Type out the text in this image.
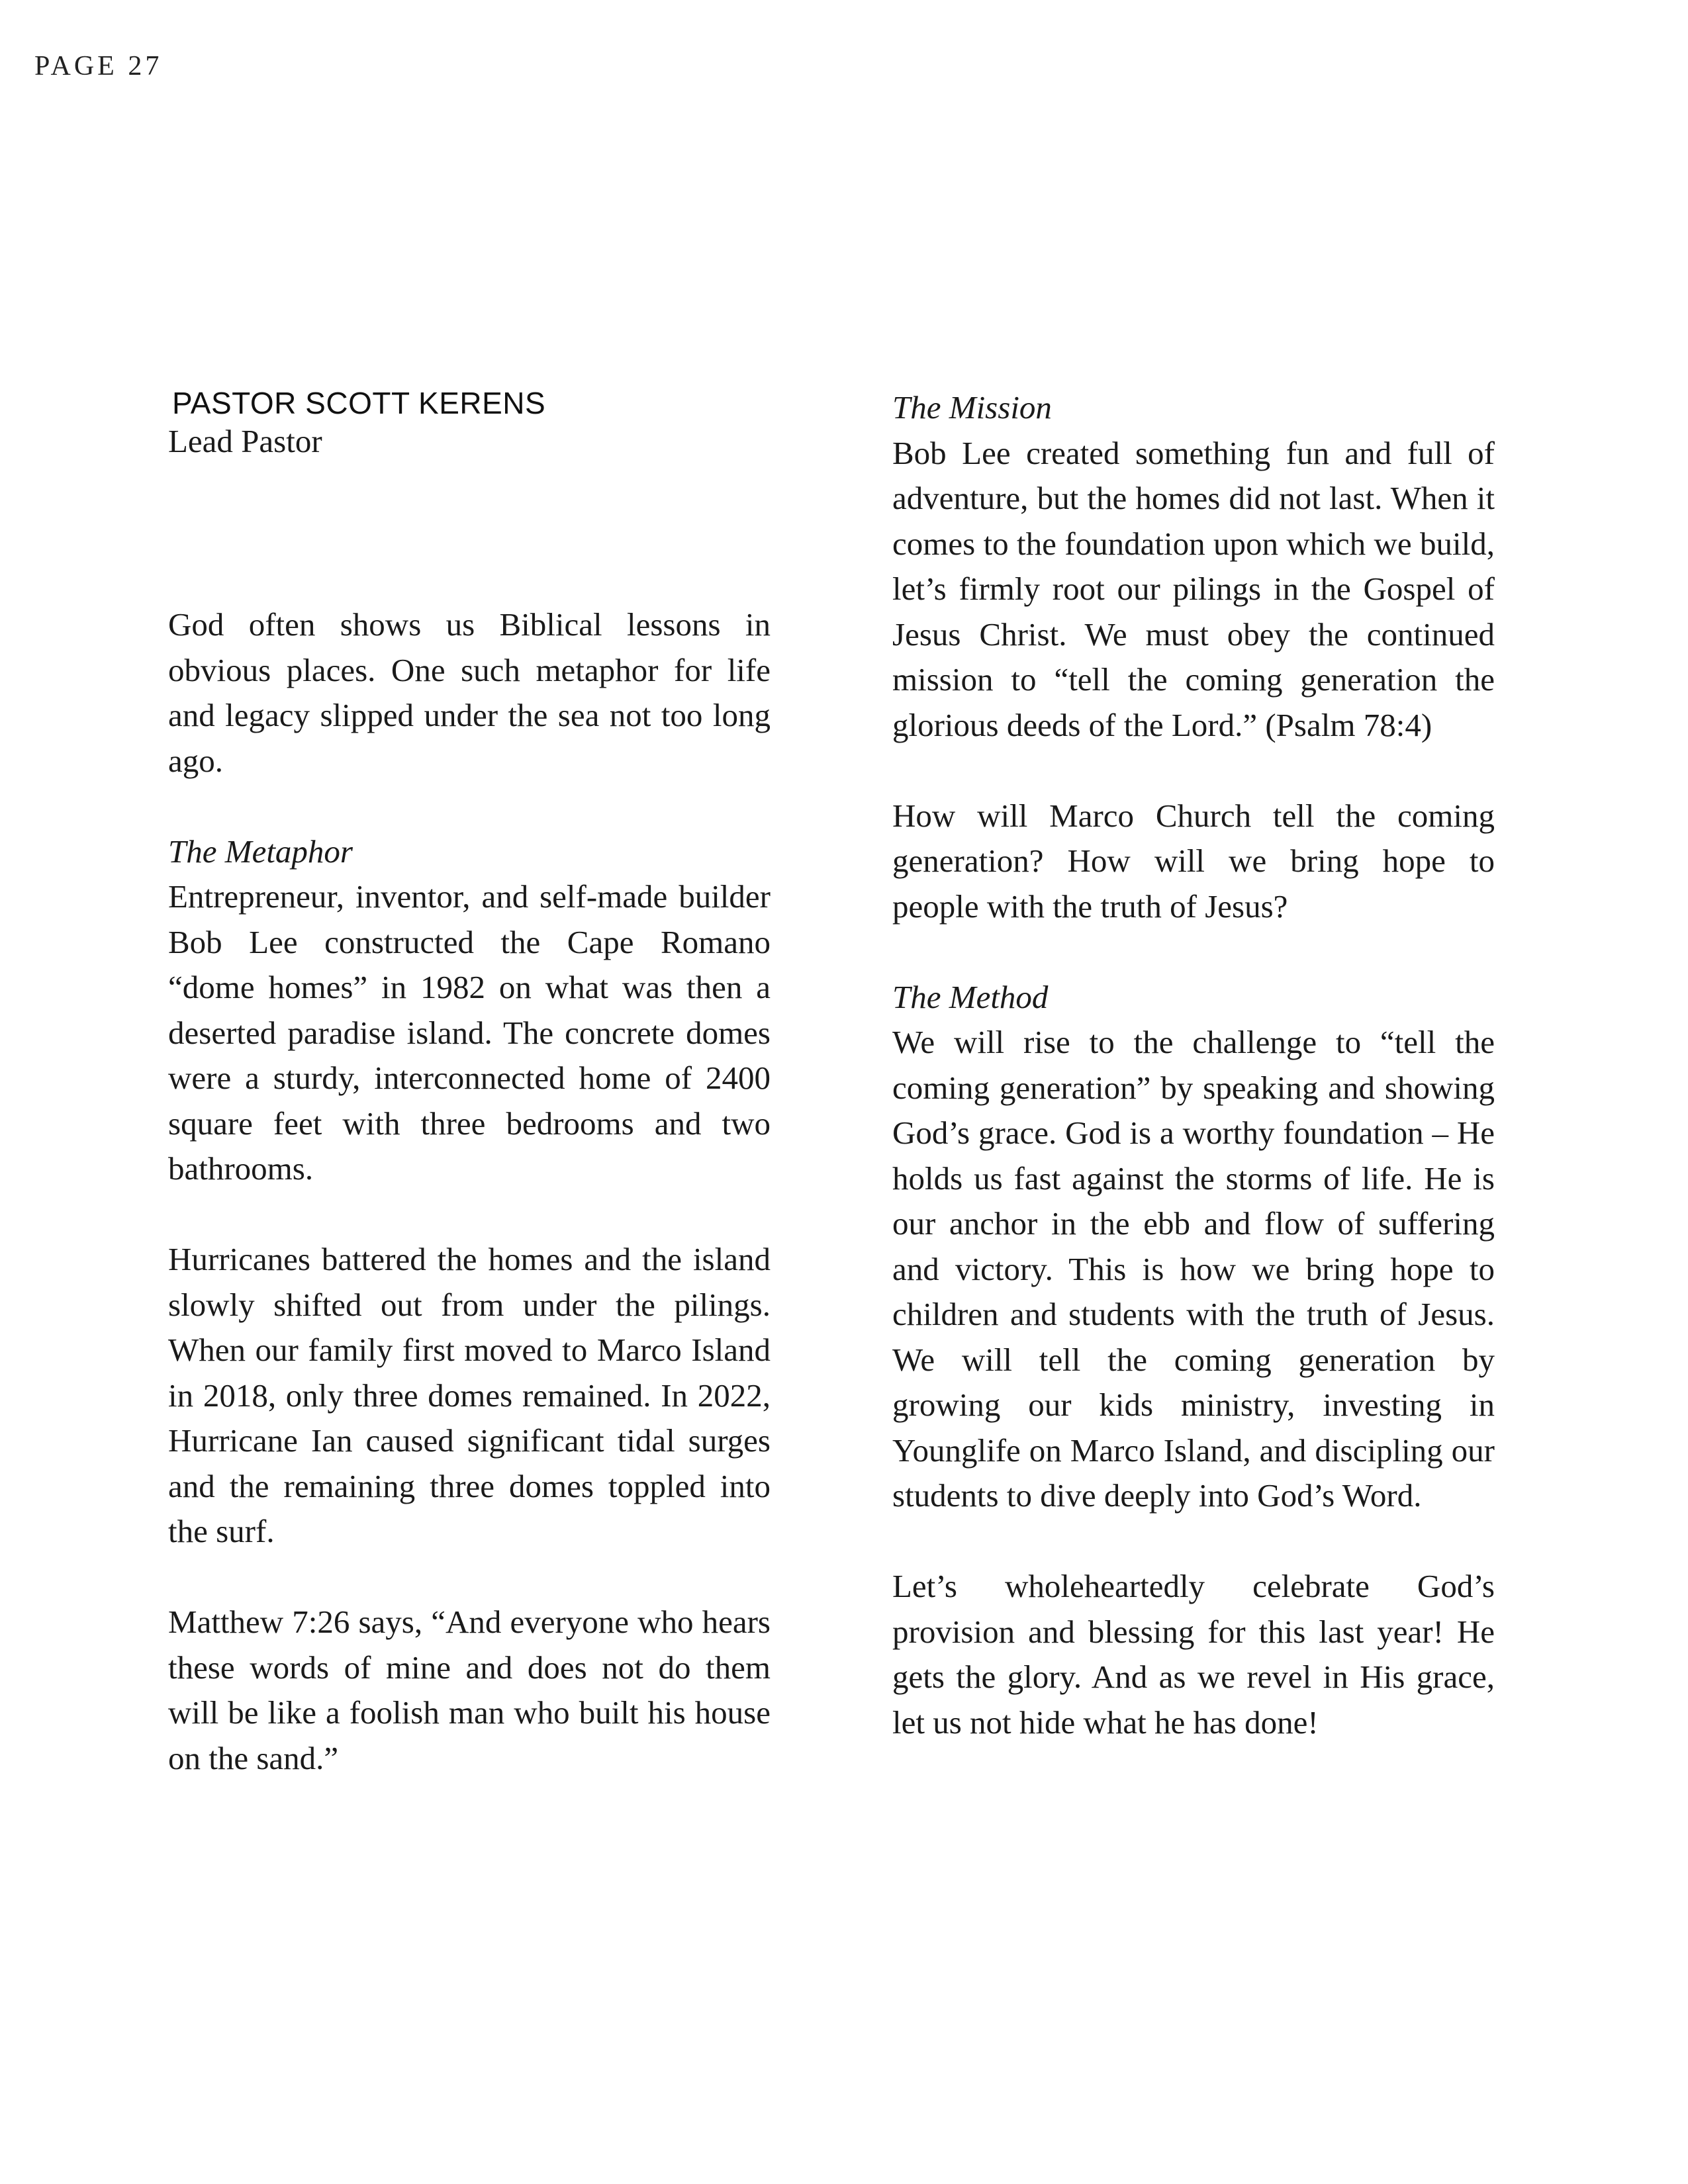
PAGE 27
PASTOR SCOTT KERENS
Lead Pastor

God often shows us Biblical lessons in obvious places. One such metaphor for life and legacy slipped under the sea not too long ago.

The Metaphor

Entrepreneur, inventor, and self-made builder Bob Lee constructed the Cape Romano “dome homes” in 1982 on what was then a deserted paradise island. The concrete domes were a sturdy, interconnected home of 2400 square feet with three bedrooms and two bathrooms.

Hurricanes battered the homes and the island slowly shifted out from under the pilings. When our family first moved to Marco Island in 2018, only three domes remained. In 2022, Hurricane Ian caused significant tidal surges and the remaining three domes toppled into the surf.

Matthew 7:26 says, “And everyone who hears these words of mine and does not do them will be like a foolish man who built his house on the sand.”

The Mission

Bob Lee created something fun and full of adventure, but the homes did not last. When it comes to the foundation upon which we build, let’s firmly root our pilings in the Gospel of Jesus Christ. We must obey the continued mission to “tell the coming generation the glorious deeds of the Lord.” (Psalm 78:4)

How will Marco Church tell the coming generation? How will we bring hope to people with the truth of Jesus?

The Method

We will rise to the challenge to “tell the coming generation” by speaking and showing God’s grace. God is a worthy foundation – He holds us fast against the storms of life. He is our anchor in the ebb and flow of suffering and victory. This is how we bring hope to children and students with the truth of Jesus. We will tell the coming generation by growing our kids ministry, investing in Younglife on Marco Island, and discipling our students to dive deeply into God’s Word.

Let’s wholeheartedly celebrate God’s provision and blessing for this last year! He gets the glory. And as we revel in His grace, let us not hide what he has done!
